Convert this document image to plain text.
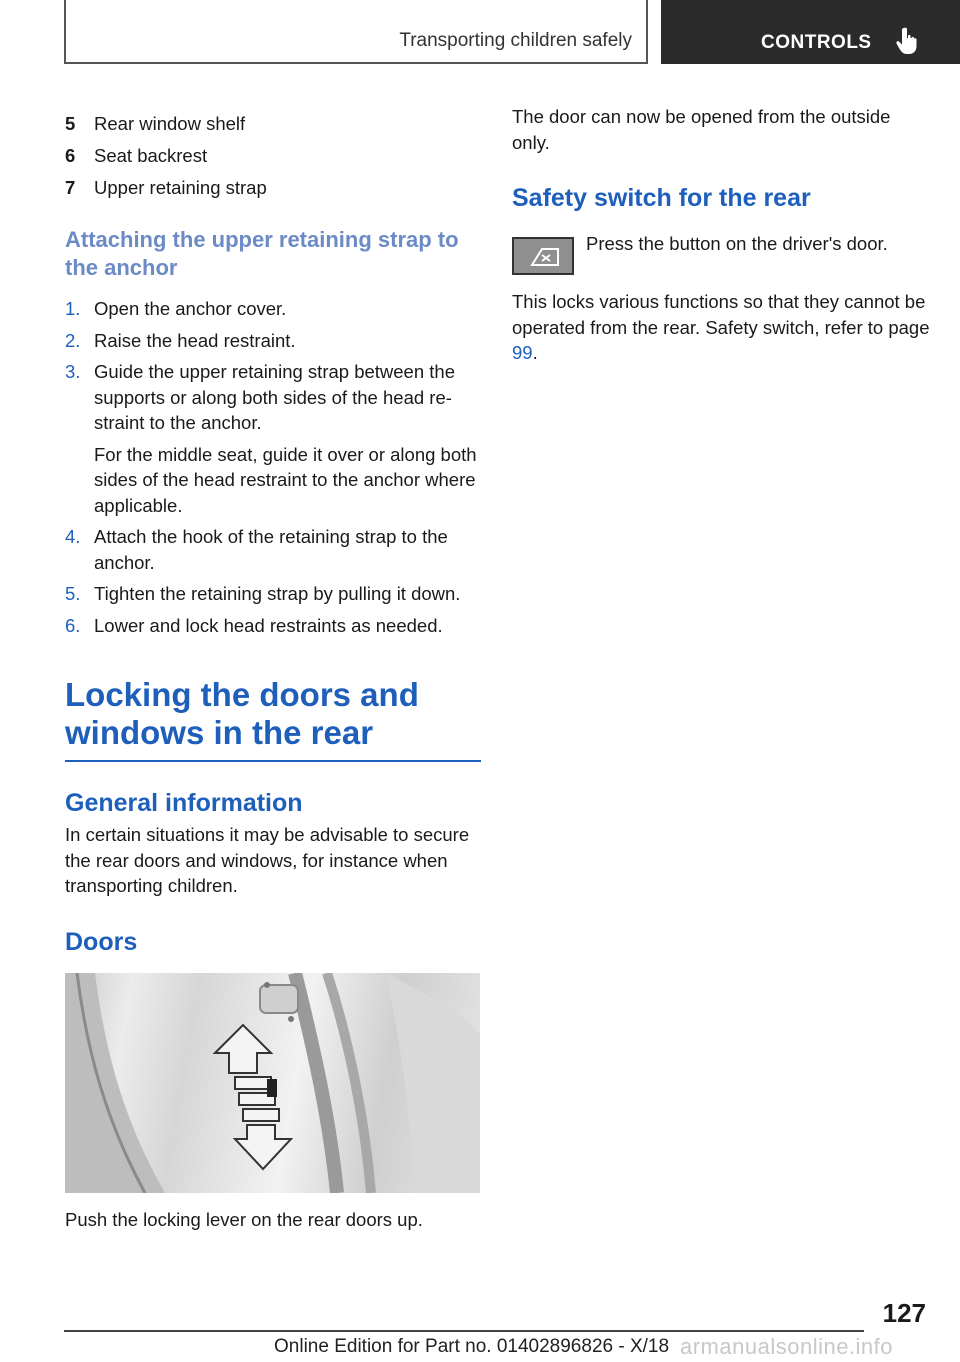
Transporting children safely	CONTROLS
5	Rear window shelf
6	Seat backrest
7	Upper retaining strap
Attaching the upper retaining strap to the anchor
1. Open the anchor cover.
2. Raise the head restraint.
3. Guide the upper retaining strap between the supports or along both sides of the head re-straint to the anchor.

For the middle seat, guide it over or along both sides of the head restraint to the anchor where applicable.

4. Attach the hook of the retaining strap to the anchor.
5. Tighten the retaining strap by pulling it down.
6. Lower and lock head restraints as needed.
Locking the doors and windows in the rear
General information

In certain situations it may be advisable to secure the rear doors and windows, for instance when transporting children.

Doors

Push the locking lever on the rear doors up.

The door can now be opened from the outside only.

Safety switch for the rear

Press the button on the driver's door.

This locks various functions so that they cannot be operated from the rear. Safety switch, refer to page 99.

127
Online Edition for Part no. 01402896826 - X/18 armanualsonline.info
